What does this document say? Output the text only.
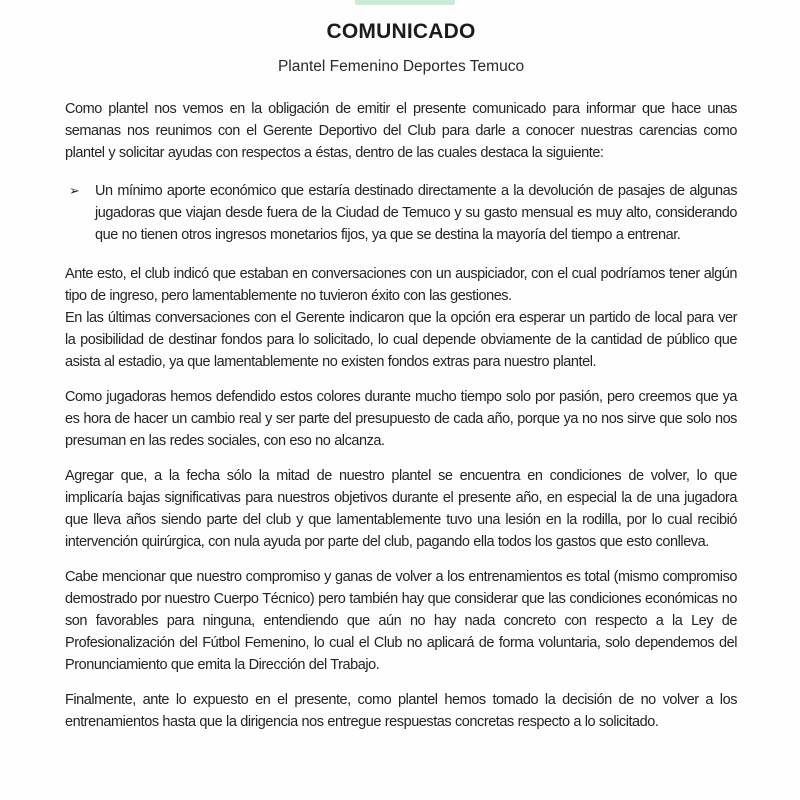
COMUNICADO

Plantel Femenino Deportes Temuco

Como plantel nos vemos en la obligación de emitir el presente comunicado para informar que hace unas semanas nos reunimos con el Gerente Deportivo del Club para darle a conocer nuestras carencias como plantel y solicitar ayudas con respectos a éstas, dentro de las cuales destaca la siguiente:

➢	Un mínimo aporte económico que estaría destinado directamente a la devolución de pasajes de algunas jugadoras que viajan desde fuera de la Ciudad de Temuco y su gasto mensual es muy alto, considerando que no tienen otros ingresos monetarios fijos, ya que se destina la mayoría del tiempo a entrenar.

Ante esto, el club indicó que estaban en conversaciones con un auspiciador, con el cual podríamos tener algún tipo de ingreso, pero lamentablemente no tuvieron éxito con las gestiones.

En las últimas conversaciones con el Gerente indicaron que la opción era esperar un partido de local para ver la posibilidad de destinar fondos para lo solicitado, lo cual depende obviamente de la cantidad de público que asista al estadio, ya que lamentablemente no existen fondos extras para nuestro plantel.

Como jugadoras hemos defendido estos colores durante mucho tiempo solo por pasión, pero creemos que ya es hora de hacer un cambio real y ser parte del presupuesto de cada año, porque ya no nos sirve que solo nos presuman en las redes sociales, con eso no alcanza.

Agregar que, a la fecha sólo la mitad de nuestro plantel se encuentra en condiciones de volver, lo que implicaría bajas significativas para nuestros objetivos durante el presente año, en especial la de una jugadora que lleva años siendo parte del club y que lamentablemente tuvo una lesión en la rodilla, por lo cual recibió intervención quirúrgica, con nula ayuda por parte del club, pagando ella todos los gastos que esto conlleva.

Cabe mencionar que nuestro compromiso y ganas de volver a los entrenamientos es total (mismo compromiso demostrado por nuestro Cuerpo Técnico) pero también hay que considerar que las condiciones económicas no son favorables para ninguna, entendiendo que aún no hay nada concreto con respecto a la Ley de Profesionalización del Fútbol Femenino, lo cual el Club no aplicará de forma voluntaria, solo dependemos del Pronunciamiento que emita la Dirección del Trabajo.

Finalmente, ante lo expuesto en el presente, como plantel hemos tomado la decisión de no volver a los entrenamientos hasta que la dirigencia nos entregue respuestas concretas respecto a lo solicitado.
